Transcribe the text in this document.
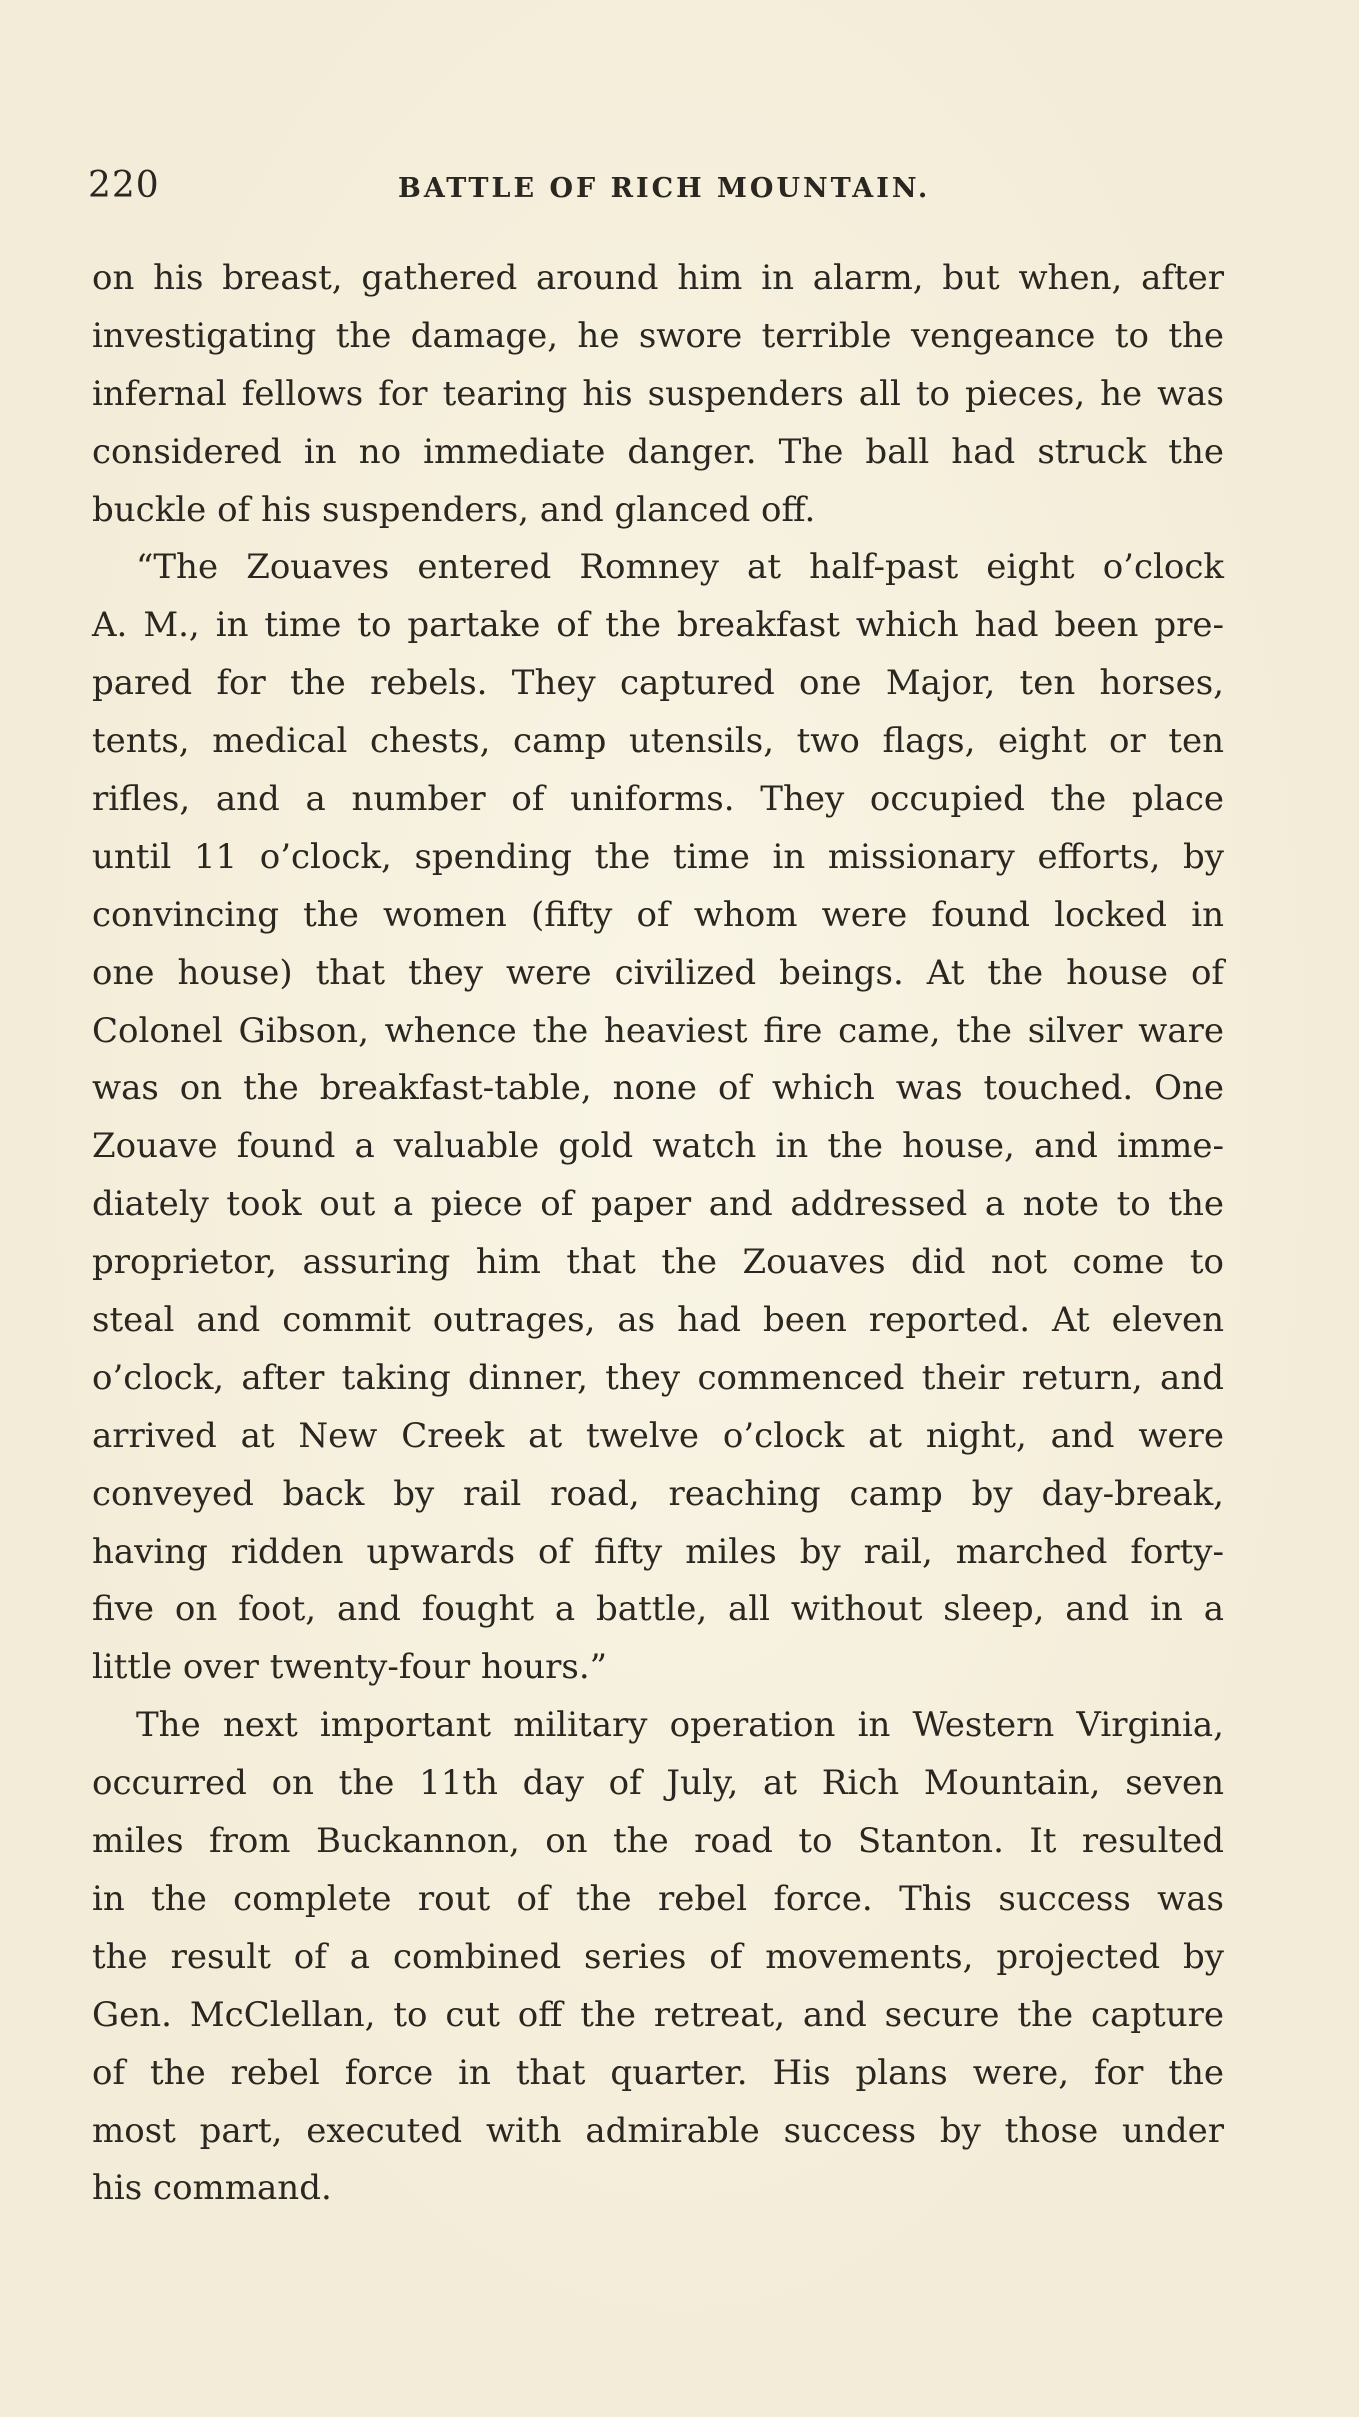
220	BATTLE OF RICH MOUNTAIN.
on his breast, gathered around him in alarm, but when, after
investigating the damage, he swore terrible vengeance to the
infernal fellows for tearing his suspenders all to pieces, he was
considered in no immediate danger. The ball had struck the
buckle of his suspenders, and glanced off.
“The Zouaves entered Romney at half-past eight o’clock
A. M., in time to partake of the breakfast which had been pre-
pared for the rebels. They captured one Major, ten horses,
tents, medical chests, camp utensils, two flags, eight or ten
rifles, and a number of uniforms. They occupied the place
until 11 o’clock, spending the time in missionary efforts, by
convincing the women (fifty of whom were found locked in
one house) that they were civilized beings. At the house of
Colonel Gibson, whence the heaviest fire came, the silver ware
was on the breakfast-table, none of which was touched. One
Zouave found a valuable gold watch in the house, and imme-
diately took out a piece of paper and addressed a note to the
proprietor, assuring him that the Zouaves did not come to
steal and commit outrages, as had been reported. At eleven
o’clock, after taking dinner, they commenced their return, and
arrived at New Creek at twelve o’clock at night, and were
conveyed back by rail road, reaching camp by day-break,
having ridden upwards of fifty miles by rail, marched forty-
five on foot, and fought a battle, all without sleep, and in a
little over twenty-four hours.”
The next important military operation in Western Virginia,
occurred on the 11th day of July, at Rich Mountain, seven
miles from Buckannon, on the road to Stanton. It resulted
in the complete rout of the rebel force. This success was
the result of a combined series of movements, projected by
Gen. McClellan, to cut off the retreat, and secure the capture
of the rebel force in that quarter. His plans were, for the
most part, executed with admirable success by those under
his command.
